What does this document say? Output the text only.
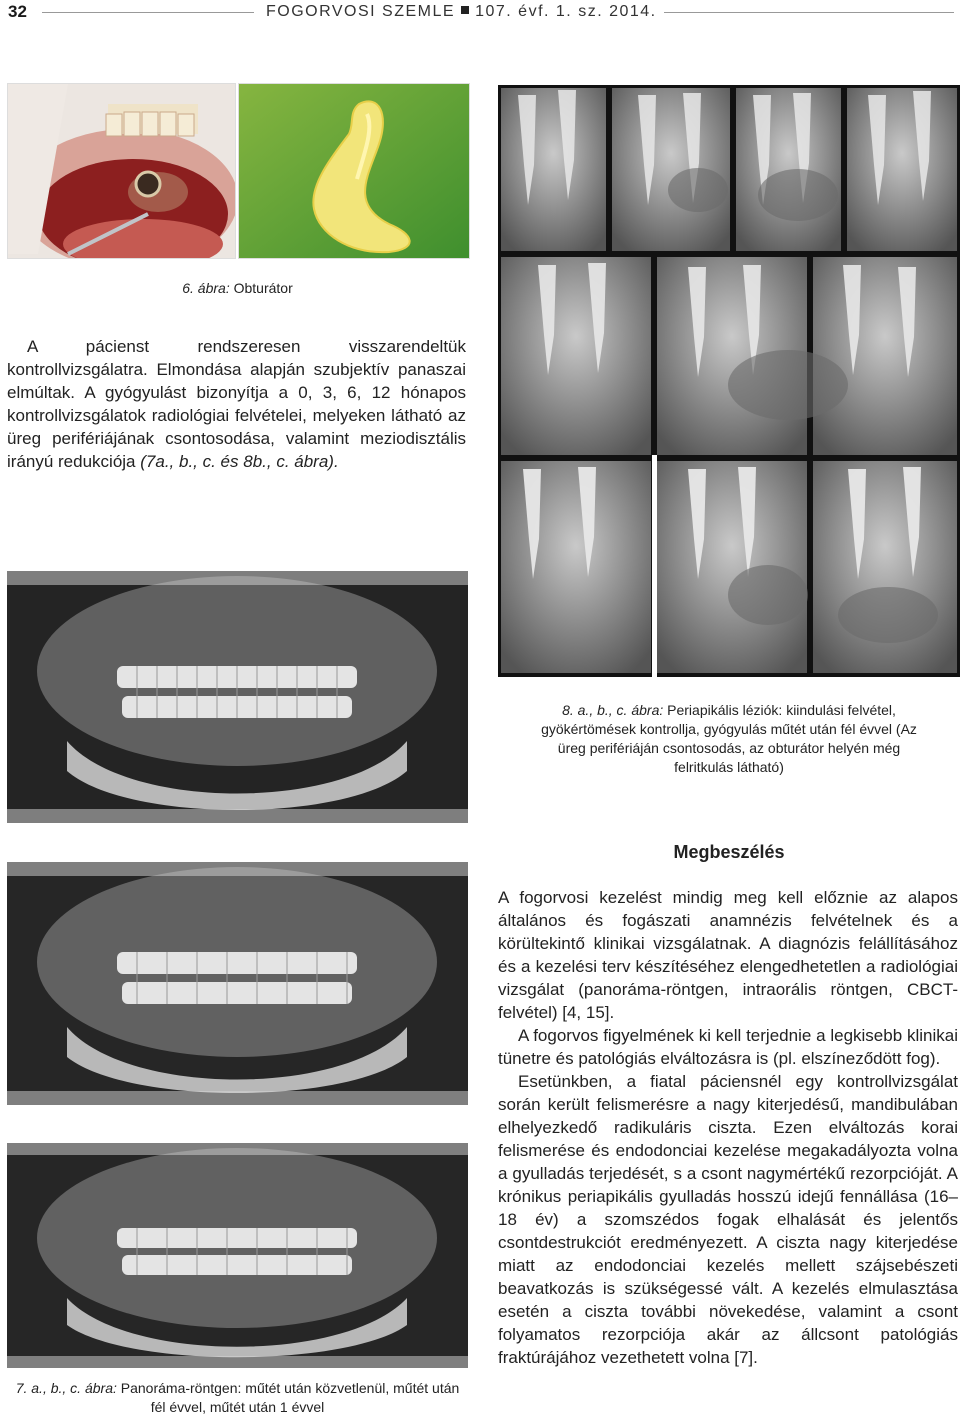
32	FOGORVOSI SZEMLE 107. évf. 1. sz. 2014.
6. ábra: Obturátor

A pácienst rendszeresen visszarendeltük kontrollvizsgálatra. Elmondása alapján szubjektív panaszai elmúltak. A gyógyulást bizonyítja a 0, 3, 6, 12 hónapos kontrollvizsgálatok radiológiai felvételei, melyeken látható az üreg perifériájának csontosodása, valamint meziodisztális irányú redukciója (7a., b., c. és 8b., c. ábra).

8. a., b., c. ábra: Periapikális léziók: kiindulási felvétel, gyökértömések kontrollja, gyógyulás műtét után fél évvel (Az üreg perifériáján csontosodás, az obturátor helyén még felritkulás látható)
7. a., b., c. ábra: Panoráma-röntgen: műtét után közvetlenül, műtét után fél évvel, műtét után 1 évvel
Megbeszélés

A fogorvosi kezelést mindig meg kell előznie az alapos általános és fogászati anamnézis felvételnek és a körültekintő klinikai vizsgálatnak. A diagnózis felállításához és a kezelési terv készítéséhez elengedhetetlen a radiológiai vizsgálat (panoráma-röntgen, intraorális röntgen, CBCT-felvétel) [4, 15].

A fogorvos figyelmének ki kell terjednie a legkisebb klinikai tünetre és patológiás elváltozásra is (pl. elszíneződött fog).

Esetünkben, a fiatal páciensnél egy kontrollvizsgálat során került felismerésre a nagy kiterjedésű, mandibulában elhelyezkedő radikuláris ciszta. Ezen elváltozás korai felismerése és endodonciai kezelése megakadályozta volna a gyulladás terjedését, s a csont nagymértékű rezorpcióját. A krónikus periapikális gyulladás hosszú idejű fennállása (16–18 év) a szomszédos fogak elhalását és jelentős csontdestrukciót eredményezett. A ciszta nagy kiterjedése miatt az endodonciai kezelés mellett szájsebészeti beavatkozás is szükségessé vált. A kezelés elmulasztása esetén a ciszta további növekedése, valamint a csont folyamatos rezorpciója akár az állcsont patológiás fraktúrájához vezethetett volna [7].
